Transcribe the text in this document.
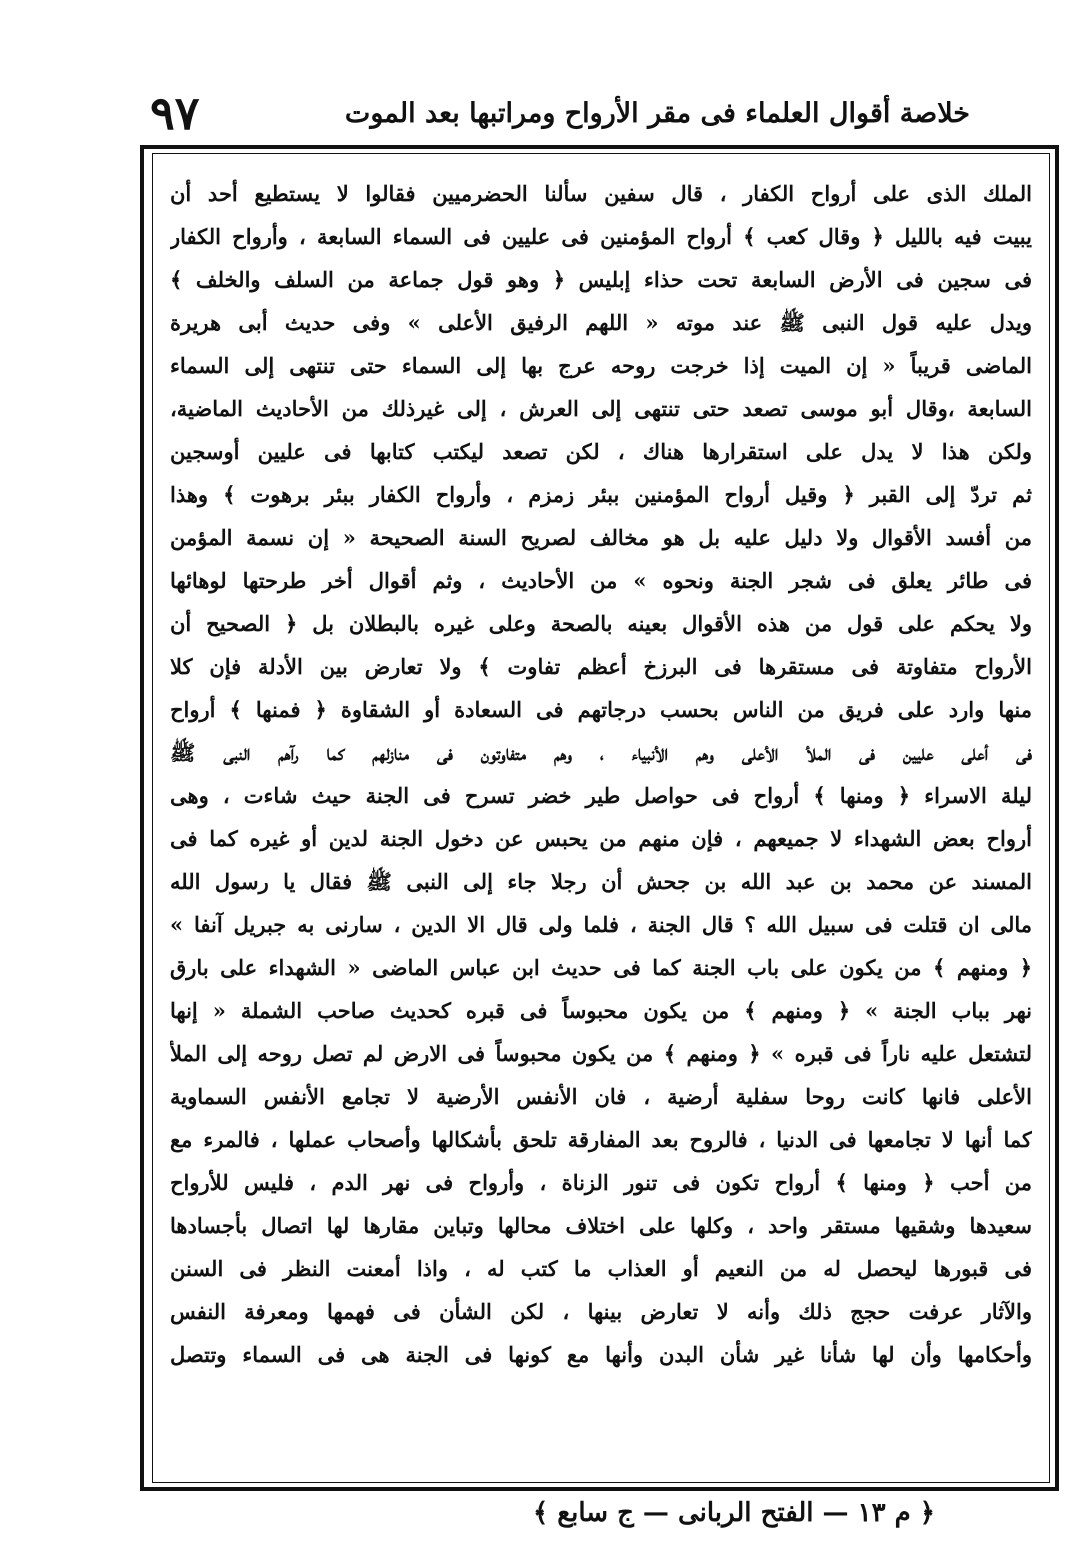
خلاصة أقوال العلماء فى مقر الأرواح ومراتبها بعد الموت
٩٧
الملك الذى على أرواح الكفار ، قال سفين سألنا الحضرميين فقالوا لا يستطيع أحد أن
يبيت فيه بالليل ﴿ وقال كعب ﴾ أرواح المؤمنين فى عليين فى السماء السابعة ، وأرواح الكفار
فى سجين فى الأرض السابعة تحت حذاء إبليس ﴿ وهو قول جماعة من السلف والخلف ﴾
ويدل عليه قول النبى ﷺ عند موته « اللهم الرفيق الأعلى » وفى حديث أبى هريرة
الماضى قريباً « إن الميت إذا خرجت روحه عرج بها إلى السماء حتى تنتهى إلى السماء
السابعة ،وقال أبو موسى تصعد حتى تنتهى إلى العرش ، إلى غيرذلك من الأحاديث الماضية،
ولكن هذا لا يدل على استقرارها هناك ، لكن تصعد ليكتب كتابها فى عليين أوسجين
ثم تردّ إلى القبر ﴿ وقيل أرواح المؤمنين ببئر زمزم ، وأرواح الكفار ببئر برهوت ﴾ وهذا
من أفسد الأقوال ولا دليل عليه بل هو مخالف لصريح السنة الصحيحة « إن نسمة المؤمن
فى طائر يعلق فى شجر الجنة ونحوه » من الأحاديث ، وثم أقوال أخر طرحتها لوهائها
ولا يحكم على قول من هذه الأقوال بعينه بالصحة وعلى غيره بالبطلان بل ﴿ الصحيح أن
الأرواح متفاوتة فى مستقرها فى البرزخ أعظم تفاوت ﴾ ولا تعارض بين الأدلة فإن كلا
منها وارد على فريق من الناس بحسب درجاتهم فى السعادة أو الشقاوة ﴿ فمنها ﴾ أرواح
فى أعلى عليين فى الملأ الأعلى وهم الأنبياء ، وهم متفاوتون فى منازلهم كما رآهم النبى ﷺ
ليلة الاسراء ﴿ ومنها ﴾ أرواح فى حواصل طير خضر تسرح فى الجنة حيث شاءت ، وهى
أرواح بعض الشهداء لا جميعهم ، فإن منهم من يحبس عن دخول الجنة لدين أو غيره كما فى
المسند عن محمد بن عبد الله بن جحش أن رجلا جاء إلى النبى ﷺ فقال يا رسول الله
مالى ان قتلت فى سبيل الله ؟ قال الجنة ، فلما ولى قال الا الدين ، سارنى به جبريل آنفا »
﴿ ومنهم ﴾ من يكون على باب الجنة كما فى حديث ابن عباس الماضى « الشهداء على بارق
نهر بباب الجنة » ﴿ ومنهم ﴾ من يكون محبوساً فى قبره كحديث صاحب الشملة « إنها
لتشتعل عليه ناراً فى قبره » ﴿ ومنهم ﴾ من يكون محبوساً فى الارض لم تصل روحه إلى الملأ
الأعلى فانها كانت روحا سفلية أرضية ، فان الأنفس الأرضية لا تجامع الأنفس السماوية
كما أنها لا تجامعها فى الدنيا ، فالروح بعد المفارقة تلحق بأشكالها وأصحاب عملها ، فالمرء مع
من أحب ﴿ ومنها ﴾ أرواح تكون فى تنور الزناة ، وأرواح فى نهر الدم ، فليس للأرواح
سعيدها وشقيها مستقر واحد ، وكلها على اختلاف محالها وتباين مقارها لها اتصال بأجسادها
فى قبورها ليحصل له من النعيم أو العذاب ما كتب له ، واذا أمعنت النظر فى السنن
والآثار عرفت حجج ذلك وأنه لا تعارض بينها ، لكن الشأن فى فهمها ومعرفة النفس
وأحكامها وأن لها شأنا غير شأن البدن وأنها مع كونها فى الجنة هى فى السماء وتتصل
﴿ م ١٣ — الفتح الربانى — ج سابع ﴾
